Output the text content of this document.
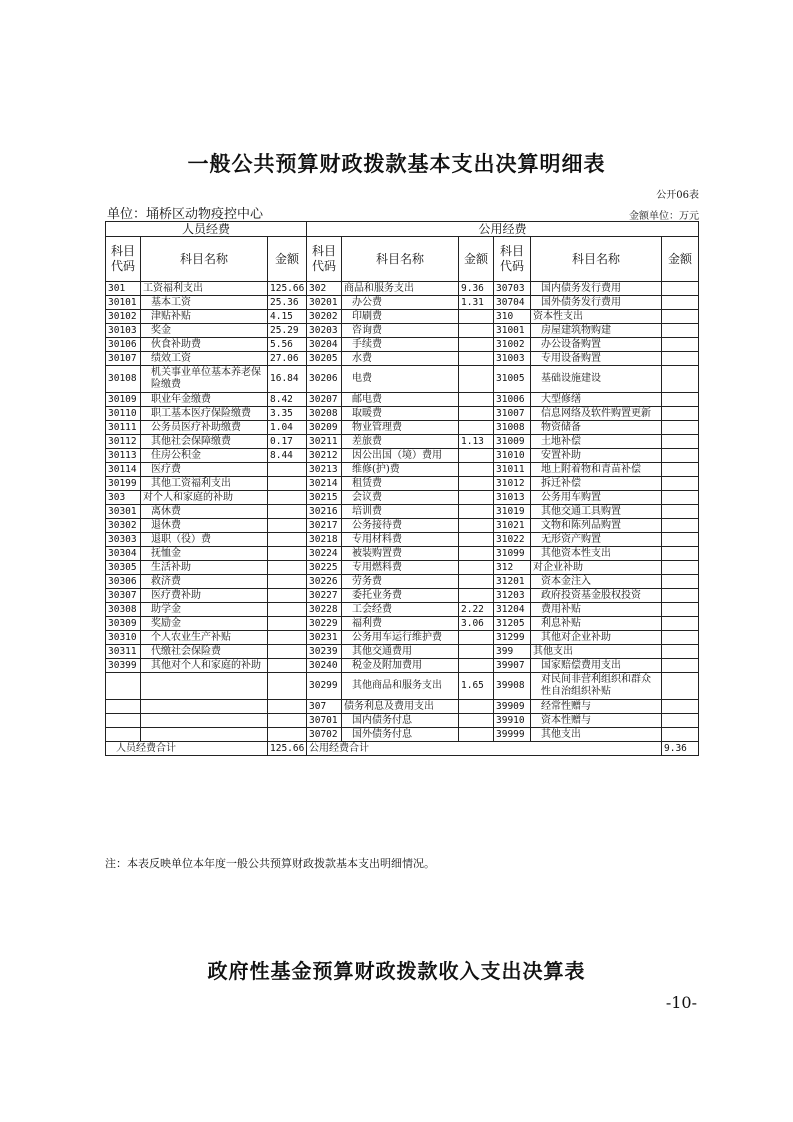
一般公共预算财政拨款基本支出决算明细表
公开06表
单位：埇桥区动物疫控中心	金额单位：万元
人员经费			公用经费					
科目代码	科目名称	金额	科目代码	科目名称	金额	科目代码	科目名称	金额
301	工资福利支出	125.66	302	商品和服务支出	9.36	30703	国内债务发行费用	
30101	基本工资	25.36	30201	办公费	1.31	30704	国外债务发行费用	
30102	津贴补贴	4.15	30202	印刷费		310	资本性支出	
30103	奖金	25.29	30203	咨询费		31001	房屋建筑物购建	
30106	伙食补助费	5.56	30204	手续费		31002	办公设备购置	
30107	绩效工资	27.06	30205	水费		31003	专用设备购置	
30108	机关事业单位基本养老保险缴费	16.84	30206	电费		31005	基础设施建设	
30109	职业年金缴费	8.42	30207	邮电费		31006	大型修缮	
30110	职工基本医疗保险缴费	3.35	30208	取暖费		31007	信息网络及软件购置更新	
30111	公务员医疗补助缴费	1.04	30209	物业管理费		31008	物资储备	
30112	其他社会保障缴费	0.17	30211	差旅费	1.13	31009	土地补偿	
30113	住房公积金	8.44	30212	因公出国（境）费用		31010	安置补助	
30114	医疗费		30213	维修(护)费		31011	地上附着物和青苗补偿	
30199	其他工资福利支出		30214	租赁费		31012	拆迁补偿	
303	对个人和家庭的补助		30215	会议费		31013	公务用车购置	
30301	离休费		30216	培训费		31019	其他交通工具购置	
30302	退休费		30217	公务接待费		31021	文物和陈列品购置	
30303	退职（役）费		30218	专用材料费		31022	无形资产购置	
30304	抚恤金		30224	被装购置费		31099	其他资本性支出	
30305	生活补助		30225	专用燃料费		312	对企业补助	
30306	救济费		30226	劳务费		31201	资本金注入	
30307	医疗费补助		30227	委托业务费		31203	政府投资基金股权投资	
30308	助学金		30228	工会经费	2.22	31204	费用补贴	
30309	奖励金		30229	福利费	3.06	31205	利息补贴	
30310	个人农业生产补贴		30231	公务用车运行维护费		31299	其他对企业补助	
30311	代缴社会保险费		30239	其他交通费用		399	其他支出	
30399	其他对个人和家庭的补助		30240	税金及附加费用		39907	国家赔偿费用支出	
			30299	其他商品和服务支出	1.65	39908	对民间非营利组织和群众性自治组织补贴	
			307	债务利息及费用支出		39909	经常性赠与	
			30701	国内债务付息		39910	资本性赠与	
			30702	国外债务付息		39999	其他支出	
人员经费合计		125.66	公用经费合计					9.36
注：本表反映单位本年度一般公共预算财政拨款基本支出明细情况。
政府性基金预算财政拨款收入支出决算表
-10-
